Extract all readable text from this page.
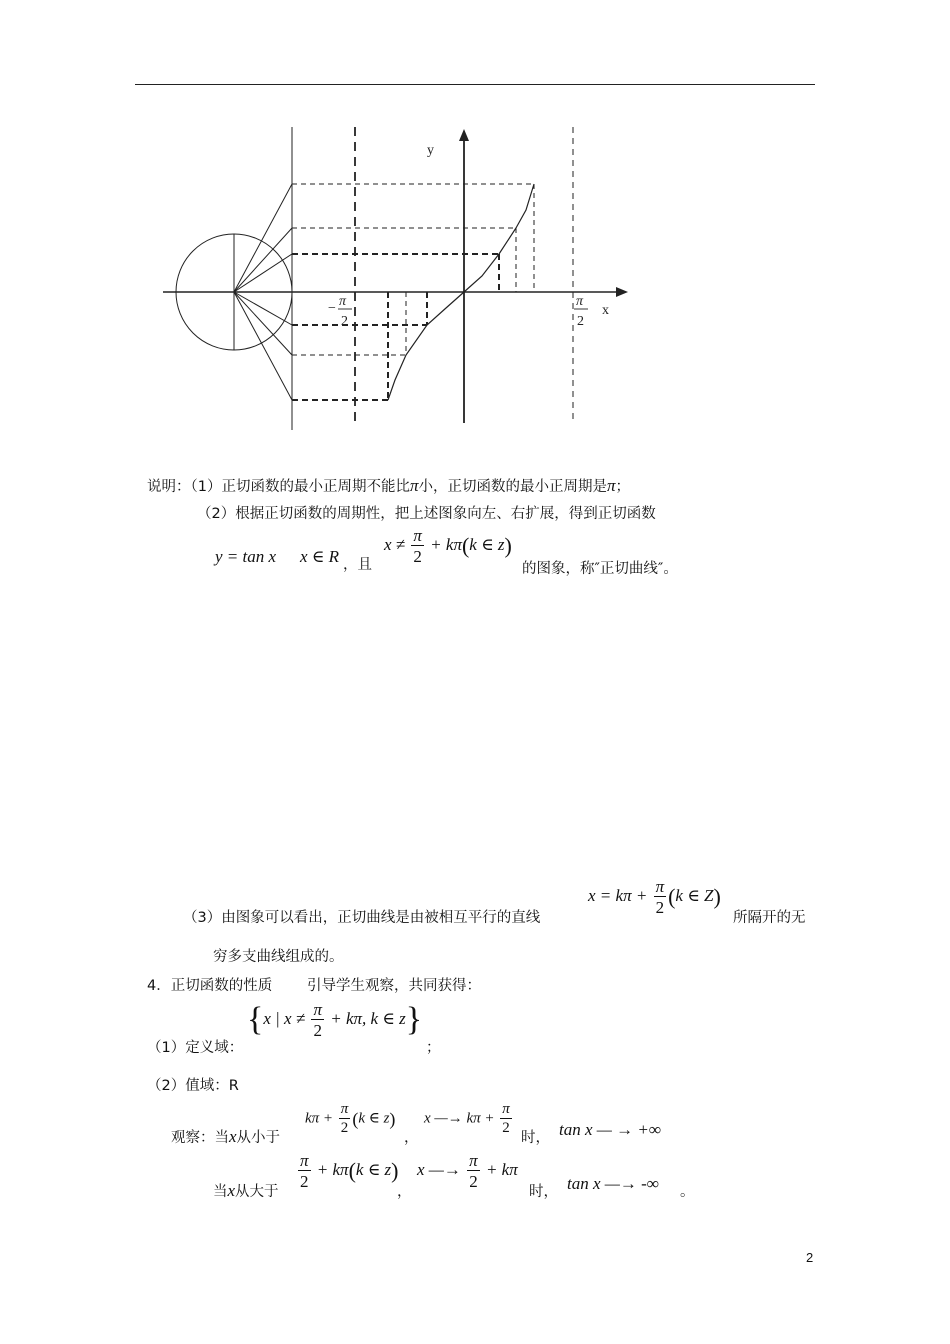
y
x
− π
2
π
2
说明：（1）正切函数的最小正周期不能比π小，正切函数的最小正周期是π；
（2）根据正切函数的周期性，把上述图象向左、右扩展，得到正切函数
y = tan x x ∈ R ，且
$x \ne \frac{\pi}{2} + k\pi(k$ ∈ z)
的图象，称″正切曲线″。
$x = k\pi + \frac{\pi}{2} (k$ ∈ Z)
（3）由图象可以看出，正切曲线是由被相互平行的直线	所隔开的无
穷多支曲线组成的。
4．正切函数的性质 引导学生观察，共同获得：
（1）定义域：
{x | $x \ne \frac{\pi}{2} + k\pi$, k ∈ z}
；
（2）值域：R
观察：当x从小于
$k\pi + \frac{\pi}{2} (k$ ∈ z)
，
x —→ $k\pi + \frac{\pi}{2}$
时， tan x — → +∞
当x从大于
$\frac{\pi}{2} + k\pi(k$ ∈ z)
，
x —→ $\frac{\pi}{2} + k\pi$
时， tan x —→ -∞ 。
2
